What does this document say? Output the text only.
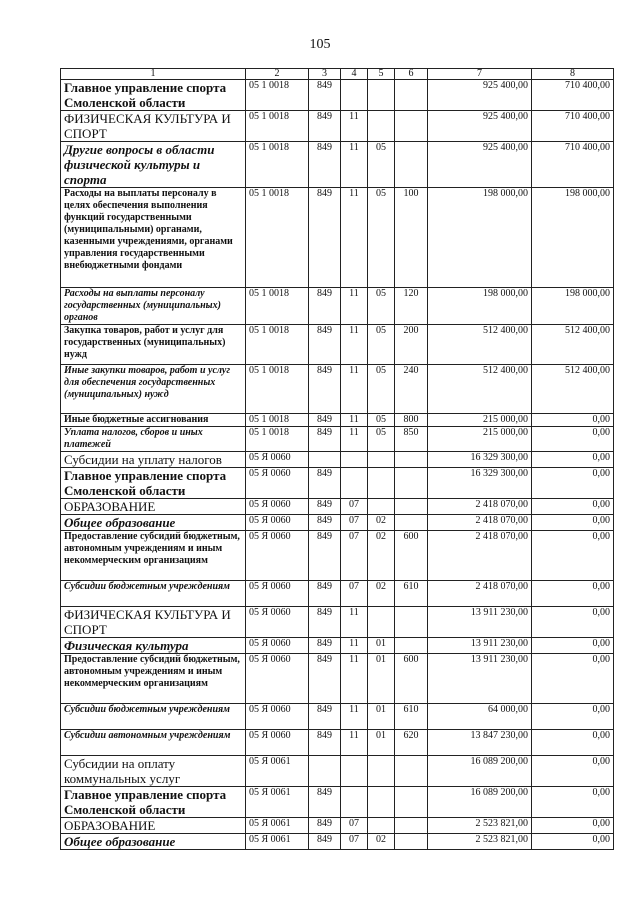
105
1	2	3	4	5	6	7	8
Главное управление спорта Смоленской области	05 1 0018	849				925 400,00	710 400,00
ФИЗИЧЕСКАЯ КУЛЬТУРА И СПОРТ	05 1 0018	849	11			925 400,00	710 400,00
Другие вопросы в области физической культуры и спорта	05 1 0018	849	11	05		925 400,00	710 400,00
Расходы на выплаты персоналу в целях обеспечения выполнения функций государственными (муниципальными) органами, казенными учреждениями, органами управления государственными внебюджетными фондами	05 1 0018	849	11	05	100	198 000,00	198 000,00
Расходы на выплаты персоналу государственных (муниципальных) органов	05 1 0018	849	11	05	120	198 000,00	198 000,00
Закупка товаров, работ и услуг для государственных (муниципальных) нужд	05 1 0018	849	11	05	200	512 400,00	512 400,00
Иные закупки товаров, работ и услуг для обеспечения государственных (муниципальных) нужд	05 1 0018	849	11	05	240	512 400,00	512 400,00
Иные бюджетные ассигнования	05 1 0018	849	11	05	800	215 000,00	0,00
Уплата налогов, сборов и иных платежей	05 1 0018	849	11	05	850	215 000,00	0,00
Субсидии на уплату налогов	05 Я 0060					16 329 300,00	0,00
Главное управление спорта Смоленской области	05 Я 0060	849				16 329 300,00	0,00
ОБРАЗОВАНИЕ	05 Я 0060	849	07			2 418 070,00	0,00
Общее образование	05 Я 0060	849	07	02		2 418 070,00	0,00
Предоставление субсидий бюджетным, автономным учреждениям и иным некоммерческим организациям	05 Я 0060	849	07	02	600	2 418 070,00	0,00
Субсидии бюджетным учреждениям	05 Я 0060	849	07	02	610	2 418 070,00	0,00
ФИЗИЧЕСКАЯ КУЛЬТУРА И СПОРТ	05 Я 0060	849	11			13 911 230,00	0,00
Физическая культура	05 Я 0060	849	11	01		13 911 230,00	0,00
Предоставление субсидий бюджетным, автономным учреждениям и иным некоммерческим организациям	05 Я 0060	849	11	01	600	13 911 230,00	0,00
Субсидии бюджетным учреждениям	05 Я 0060	849	11	01	610	64 000,00	0,00
Субсидии автономным учреждениям	05 Я 0060	849	11	01	620	13 847 230,00	0,00
Субсидии на оплату коммунальных услуг	05 Я 0061					16 089 200,00	0,00
Главное управление спорта Смоленской области	05 Я 0061	849				16 089 200,00	0,00
ОБРАЗОВАНИЕ	05 Я 0061	849	07			2 523 821,00	0,00
Общее образование	05 Я 0061	849	07	02		2 523 821,00	0,00
